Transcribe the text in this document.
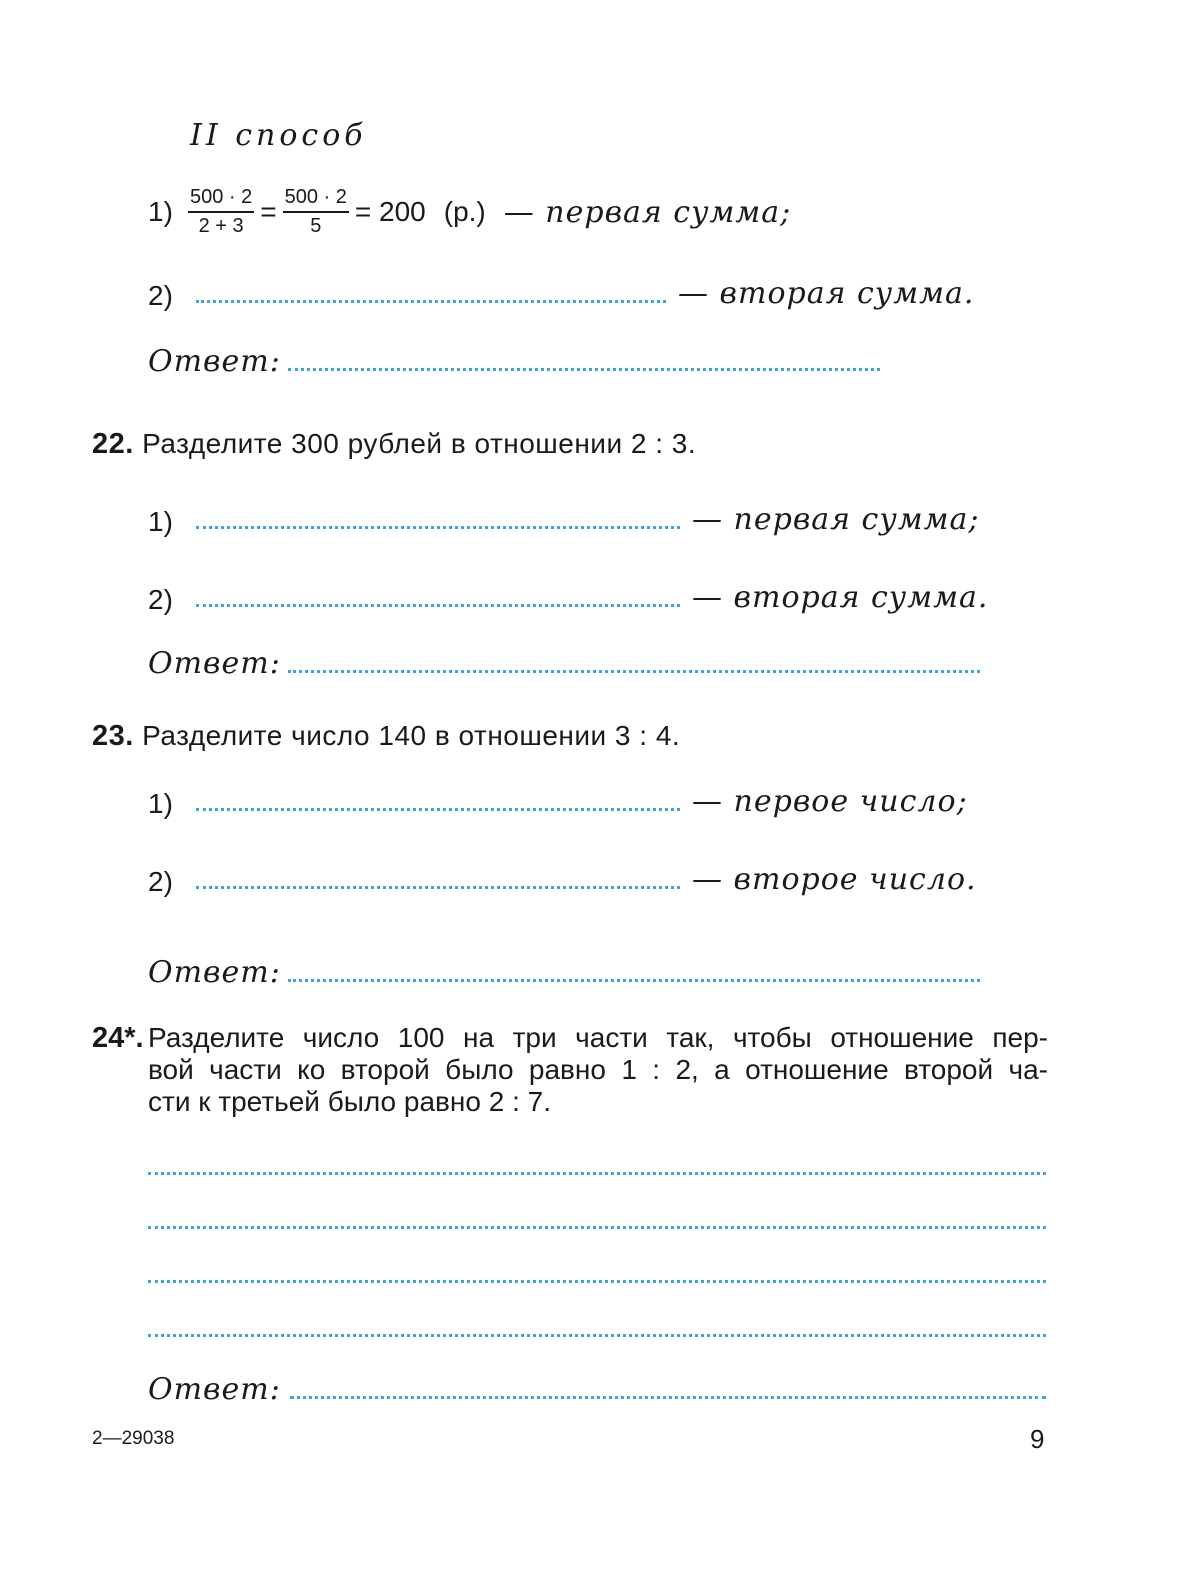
II способ
$1) \frac{500 \cdot 2}{2 + 3} = \frac{500 \cdot 2}{5} = 200$ (р.) — первая сумма;
2)	— вторая сумма.
Ответ:
22. Разделите 300 рублей в отношении 2 : 3.
1)	— первая сумма;
2)	— вторая сумма.
Ответ:
23. Разделите число 140 в отношении 3 : 4.
1)	— первое число;
2)	— второе число.
Ответ:
24*. Разделите число 100 на три части так, чтобы отношение пер-
вой части ко второй было равно 1 : 2, а отношение второй ча-
сти к третьей было равно 2 : 7.
Ответ:
2—29038	9
